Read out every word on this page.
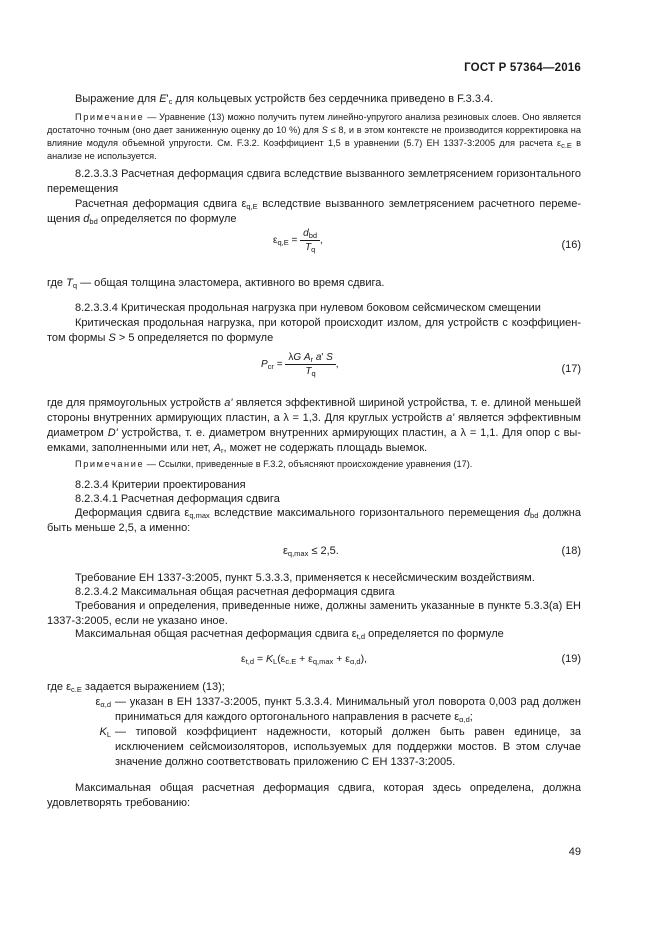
ГОСТ Р 57364—2016
Выражение для $E'_c$ для кольцевых устройств без сердечника приведено в F.3.3.4.
Примечание — Уравнение (13) можно получить путем линейно-упругого анализа резиновых слоев. Оно является достаточно точным (оно дает заниженную оценку до 10 %) для S ≤ 8, и в этом контексте не производится корректировка на влияние модуля объемной упругости. См. F.3.2. Коэффициент 1,5 в уравнении (5.7) ЕН 1337-3:2005 для расчета $\varepsilon_{c.E}$ в анализе не используется.
8.2.3.3.3 Расчетная деформация сдвига вследствие вызванного землетрясением горизонтального перемещения
Расчетная деформация сдвига $\varepsilon_{q,E}$ вследствие вызванного землетрясением расчетного перемещения $d_{bd}$ определяется по формуле
$\varepsilon_{q,E} = \frac{d_{bd}}{T_q}$ ,	(16)
где $T_q$ — общая толщина эластомера, активного во время сдвига.
8.2.3.3.4 Критическая продольная нагрузка при нулевом боковом сейсмическом смещении
Критическая продольная нагрузка, при которой происходит излом, для устройств с коэффициентом формы S > 5 определяется по формуле
$P_{cr} = \frac{\lambda G A_r a' S}{T_q}$ ,	(17)
где для прямоугольных устройств a' является эффективной шириной устройства, т. е. длиной меньшей стороны внутренних армирующих пластин, а λ = 1,3. Для круглых устройств a' является эффективным диаметром D' устройства, т. е. диаметром внутренних армирующих пластин, а λ = 1,1. Для опор с выемками, заполненными или нет, $A_r$, может не содержать площадь выемок.
Примечание — Ссылки, приведенные в F.3.2, объясняют происхождение уравнения (17).
8.2.3.4 Критерии проектирования
8.2.3.4.1 Расчетная деформация сдвига
Деформация сдвига $\varepsilon_{q,max}$ вследствие максимального горизонтального перемещения $d_{bd}$ должна быть меньше 2,5, а именно:
$\varepsilon_{q,max} \le 2,5$.	(18)
Требование ЕН 1337-3:2005, пункт 5.3.3.3, применяется к несейсмическим воздействиям.
8.2.3.4.2 Максимальная общая расчетная деформация сдвига
Требования и определения, приведенные ниже, должны заменить указанные в пункте 5.3.3(а) ЕН 1337-3:2005, если не указано иное.
Максимальная общая расчетная деформация сдвига $\varepsilon_{t,d}$ определяется по формуле
$\varepsilon_{t,d} = K_L(\varepsilon_{c.E} + \varepsilon_{q,max} + \varepsilon_{\alpha,d})$,	(19)
где $\varepsilon_{c.E}$ задается выражением (13);
$\varepsilon_{\alpha,d}$ — указан в ЕН 1337-3:2005, пункт 5.3.3.4. Минимальный угол поворота 0,003 рад должен приниматься для каждого ортогонального направления в расчете $\varepsilon_{\alpha,d}$;
$K_L$ — типовой коэффициент надежности, который должен быть равен единице, за исключением сейсмоизоляторов, используемых для поддержки мостов. В этом случае значение должно соответствовать приложению С ЕН 1337-3:2005.
Максимальная общая расчетная деформация сдвига, которая здесь определена, должна удовлетворять требованию:
49
